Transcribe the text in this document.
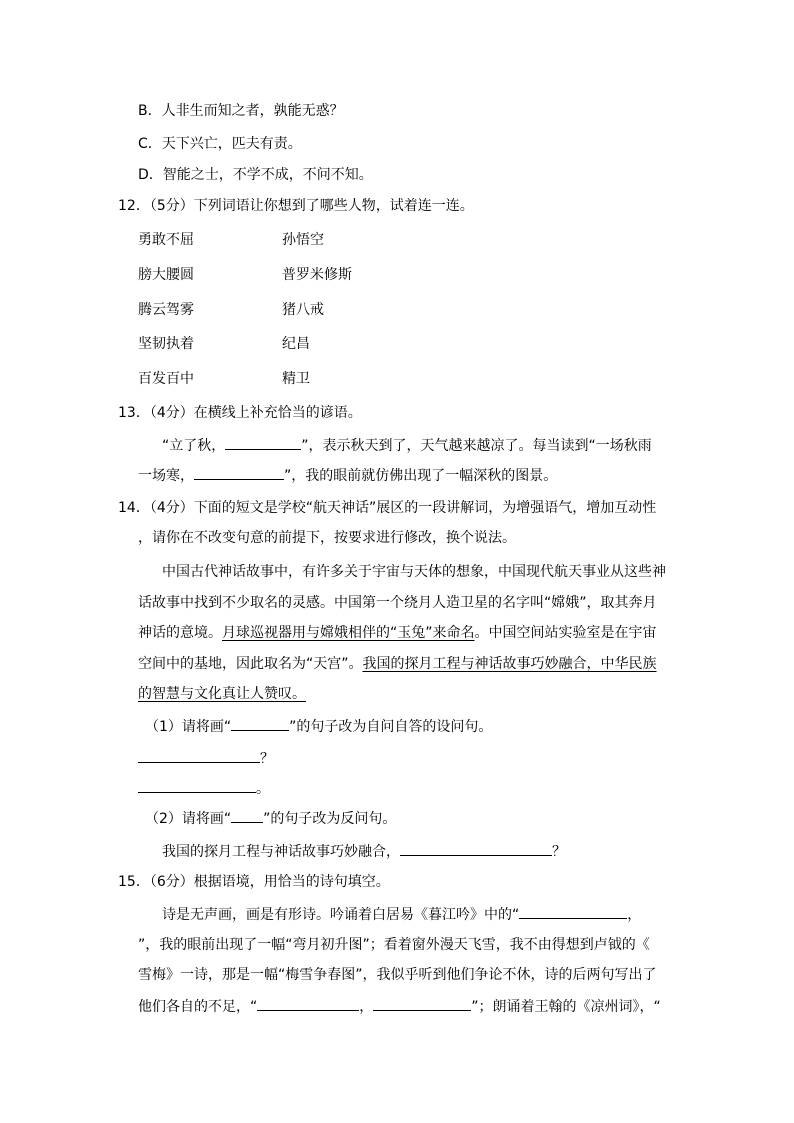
B．人非生而知之者，孰能无惑？
C．天下兴亡，匹夫有责。
D．智能之士，不学不成，不问不知。
12．（5分）下列词语让你想到了哪些人物，试着连一连。
勇敢不屈	孙悟空
膀大腰圆	普罗米修斯
腾云驾雾	猪八戒
坚韧执着	纪昌
百发百中	精卫
13．（4分）在横线上补充恰当的谚语。
“立了秋，	”，表示秋天到了，天气越来越凉了。每当读到“一场秋雨
一场寒，	”，我的眼前就仿佛出现了一幅深秋的图景。
14．（4分）下面的短文是学校“航天神话”展区的一段讲解词，为增强语气，增加互动性
，请你在不改变句意的前提下，按要求进行修改，换个说法。
中国古代神话故事中，有许多关于宇宙与天体的想象，中国现代航天事业从这些神
话故事中找到不少取名的灵感。中国第一个绕月人造卫星的名字叫“嫦娥”，取其奔月
神话的意境。月球巡视器用与嫦娥相伴的“玉兔”来命名。中国空间站实验室是在宇宙
空间中的基地，因此取名为“天宫”。我国的探月工程与神话故事巧妙融合，中华民族
的智慧与文化真让人赞叹。
（1）请将画“	”的句子改为自问自答的设问句。
？
。
（2）请将画“ ”的句子改为反问句。
我国的探月工程与神话故事巧妙融合，	？
15．（6分）根据语境，用恰当的诗句填空。
诗是无声画，画是有形诗。吟诵着白居易《暮江吟》中的“	，
”，我的眼前出现了一幅“弯月初升图”；看着窗外漫天飞雪，我不由得想到卢钺的《
雪梅》一诗，那是一幅“梅雪争春图”，我似乎听到他们争论不休，诗的后两句写出了
他们各自的不足，“	，	”；朗诵着王翰的《凉州词》，“
